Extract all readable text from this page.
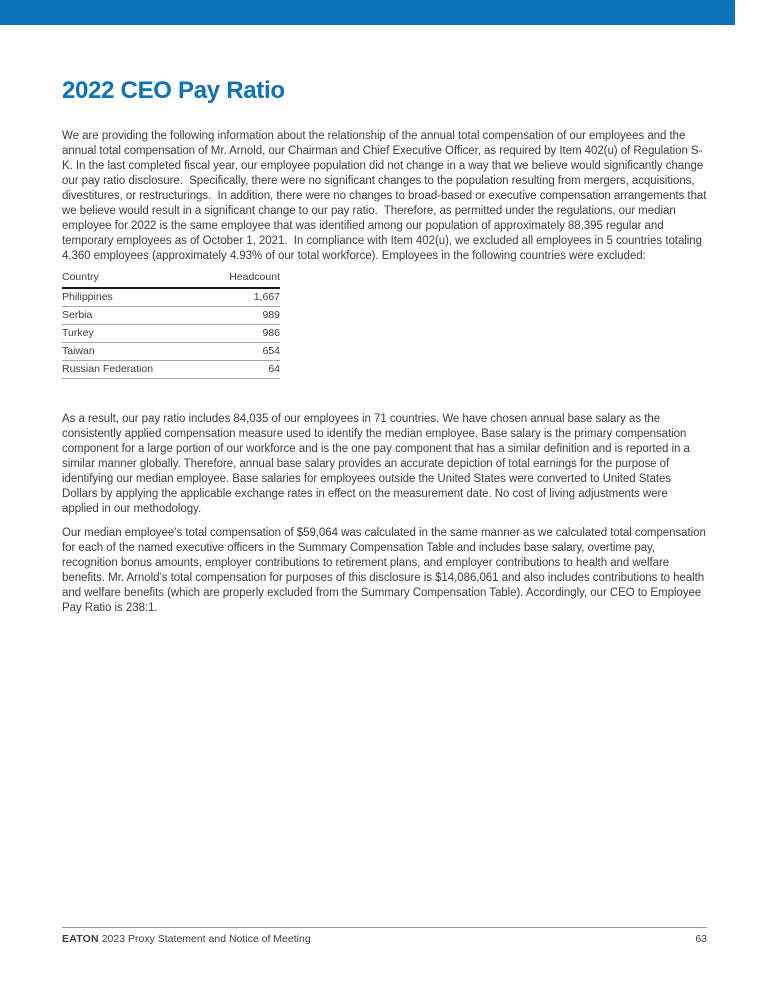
2022 CEO Pay Ratio

We are providing the following information about the relationship of the annual total compensation of our employees and the annual total compensation of Mr. Arnold, our Chairman and Chief Executive Officer, as required by Item 402(u) of Regulation S-K. In the last completed fiscal year, our employee population did not change in a way that we believe would significantly change our pay ratio disclosure.  Specifically, there were no significant changes to the population resulting from mergers, acquisitions, divestitures, or restructurings.  In addition, there were no changes to broad-based or executive compensation arrangements that we believe would result in a significant change to our pay ratio.  Therefore, as permitted under the regulations, our median employee for 2022 is the same employee that was identified among our population of approximately 88,395 regular and temporary employees as of October 1, 2021.  In compliance with Item 402(u), we excluded all employees in 5 countries totaling 4,360 employees (approximately 4.93% of our total workforce). Employees in the following countries were excluded:

Country	Headcount
Philippines	1,667
Serbia	989
Turkey	986
Taiwan	654
Russian Federation	64

As a result, our pay ratio includes 84,035 of our employees in 71 countries. We have chosen annual base salary as the consistently applied compensation measure used to identify the median employee. Base salary is the primary compensation component for a large portion of our workforce and is the one pay component that has a similar definition and is reported in a similar manner globally. Therefore, annual base salary provides an accurate depiction of total earnings for the purpose of identifying our median employee. Base salaries for employees outside the United States were converted to United States Dollars by applying the applicable exchange rates in effect on the measurement date. No cost of living adjustments were applied in our methodology.

Our median employee’s total compensation of $59,064 was calculated in the same manner as we calculated total compensation for each of the named executive officers in the Summary Compensation Table and includes base salary, overtime pay, recognition bonus amounts, employer contributions to retirement plans, and employer contributions to health and welfare benefits. Mr. Arnold’s total compensation for purposes of this disclosure is $14,086,061 and also includes contributions to health and welfare benefits (which are properly excluded from the Summary Compensation Table). Accordingly, our CEO to Employee Pay Ratio is 238:1.

EATON 2023 Proxy Statement and Notice of Meeting	63
